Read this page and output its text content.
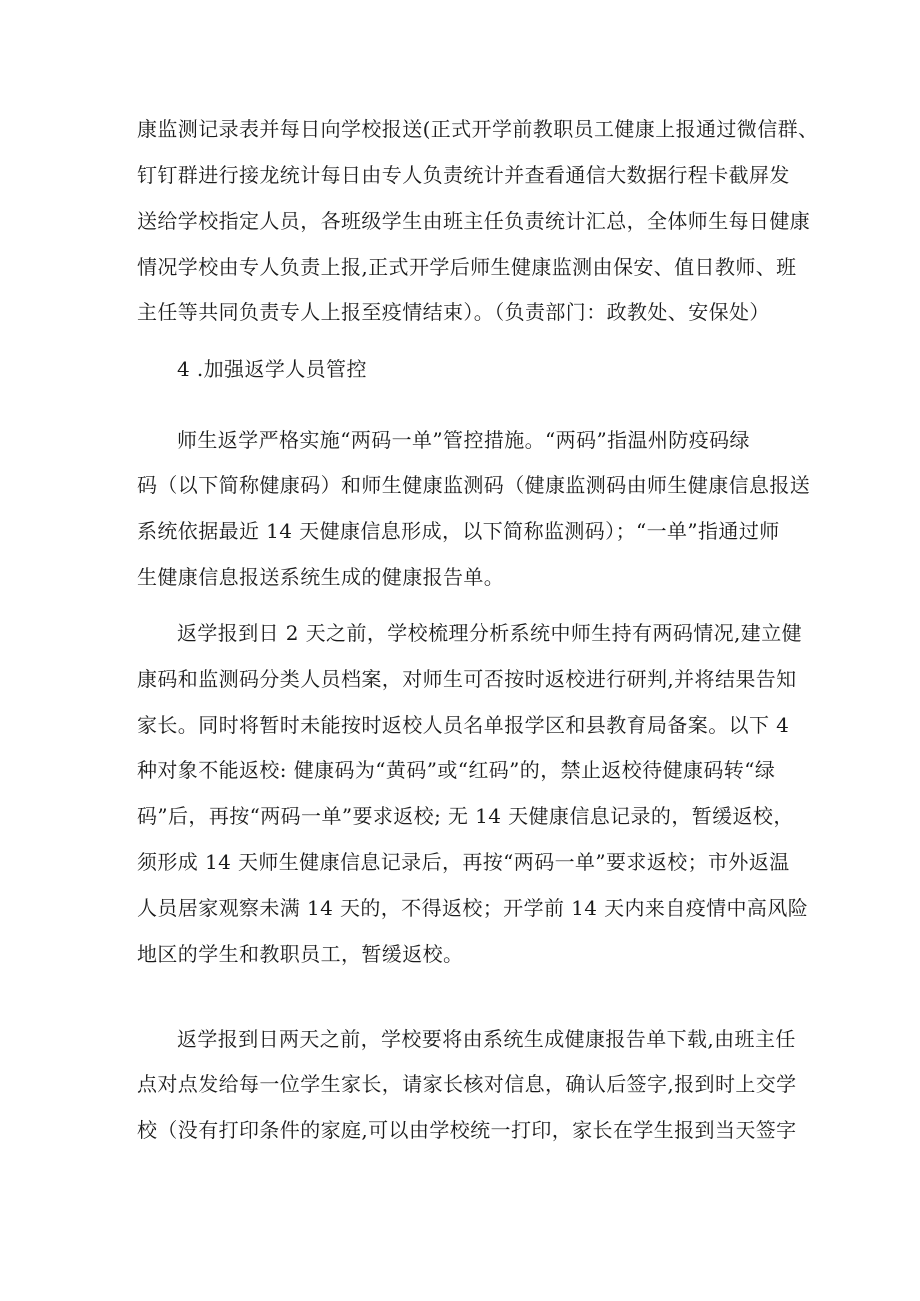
康监测记录表并每日向学校报送(正式开学前教职员工健康上报通过微信群、
钉钉群进行接龙统计每日由专人负责统计并查看通信大数据行程卡截屏发
送给学校指定人员，各班级学生由班主任负责统计汇总，全体师生每日健康
情况学校由专人负责上报,正式开学后师生健康监测由保安、值日教师、班
主任等共同负责专人上报至疫情结束）。（负责部门：政教处、安保处）
4 .加强返学人员管控
师生返学严格实施“两码一单”管控措施。“两码”指温州防疫码绿
码（以下简称健康码）和师生健康监测码（健康监测码由师生健康信息报送
系统依据最近 14 天健康信息形成，以下简称监测码）；“一单”指通过师
生健康信息报送系统生成的健康报告单。
返学报到日 2 天之前，学校梳理分析系统中师生持有两码情况,建立健
康码和监测码分类人员档案，对师生可否按时返校进行研判,并将结果告知
家长。同时将暂时未能按时返校人员名单报学区和县教育局备案。以下 4
种对象不能返校: 健康码为“黄码”或“红码”的，禁止返校待健康码转“绿
码”后，再按“两码一单”要求返校; 无 14 天健康信息记录的，暂缓返校，
须形成 14 天师生健康信息记录后，再按“两码一单”要求返校；市外返温
人员居家观察未满 14 天的，不得返校；开学前 14 天内来自疫情中高风险
地区的学生和教职员工，暂缓返校。
返学报到日两天之前，学校要将由系统生成健康报告单下载,由班主任
点对点发给每一位学生家长，请家长核对信息，确认后签字,报到时上交学
校（没有打印条件的家庭,可以由学校统一打印，家长在学生报到当天签字
